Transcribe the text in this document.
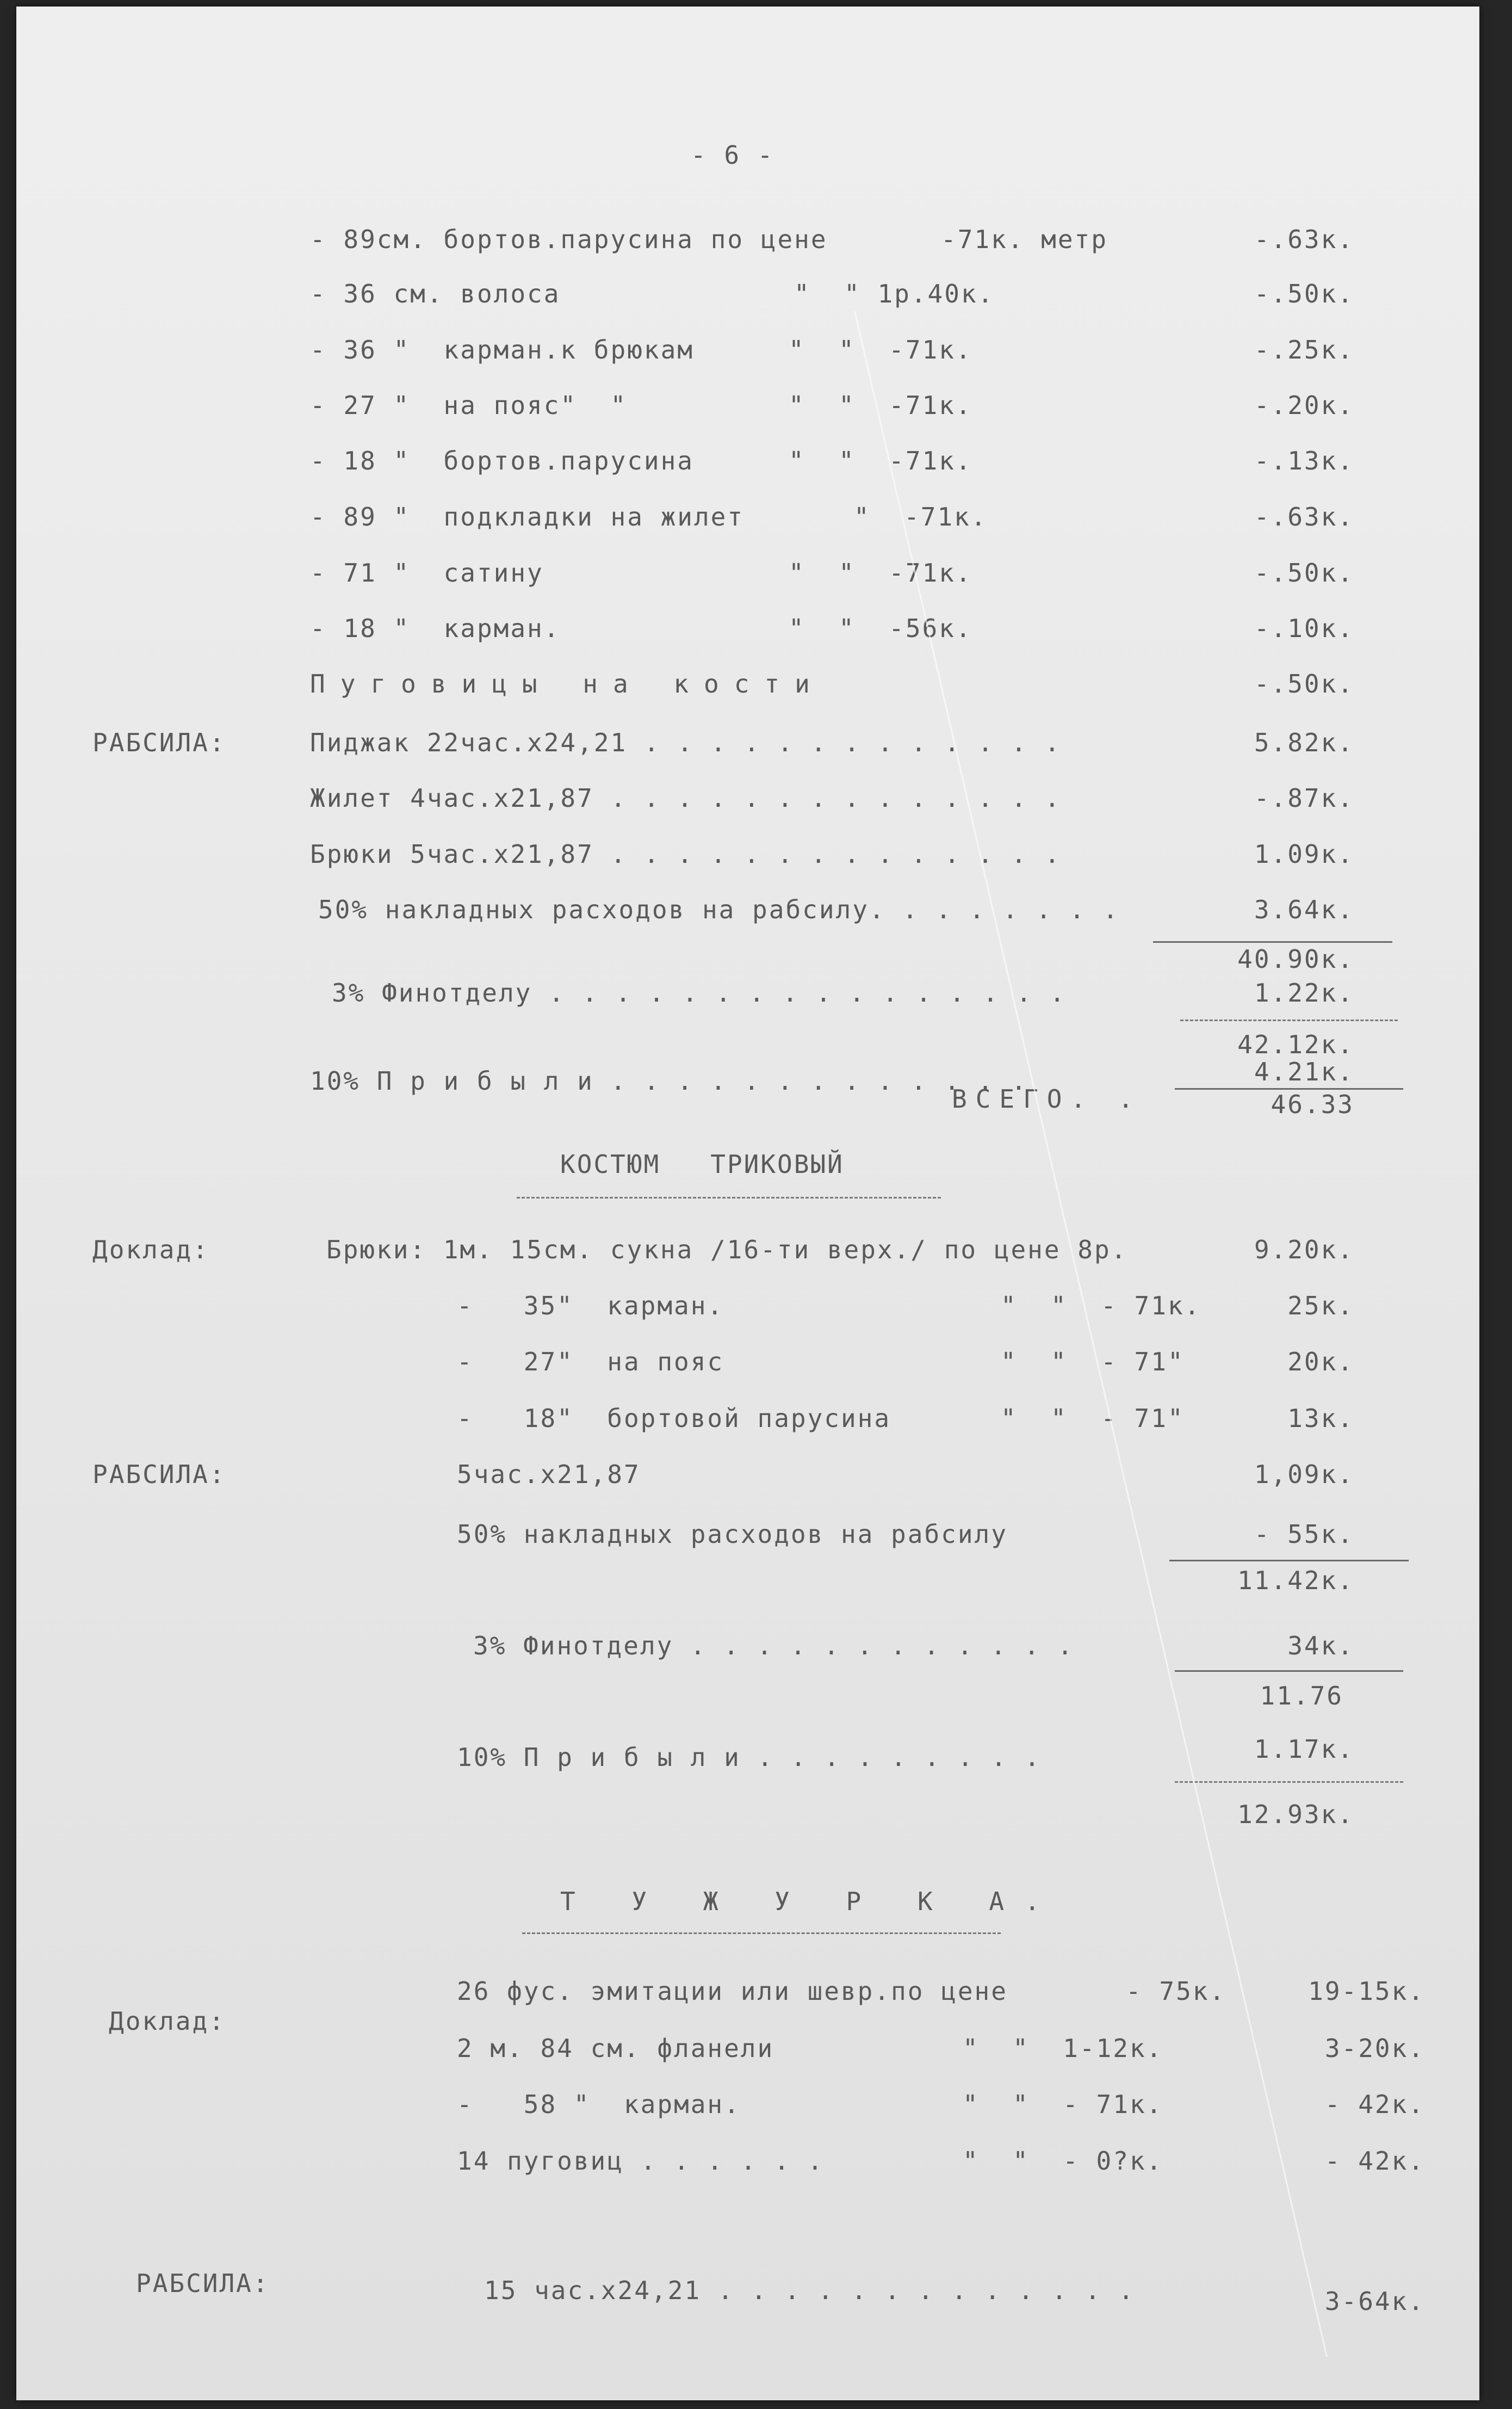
- 6 -
- 89см. бортов.парусина по цене	-71к. метр	-.63к.
- 36 см. волоса	"  " 1р.40к.	-.50к.
- 36 "  карман.к брюкам	"  "  -71к.	-.25к.
- 27 "  на пояс"  "	"  "  -71к.	-.20к.
- 18 "  бортов.парусина	"  "  -71к.	-.13к.
- 89 "  подкладки на жилет	"  -71к.	-.63к.
- 71 "  сатину	"  "  -71к.	-.50к.
- 18 "  карман.	"  "  -56к.	-.10к.
Пуговицы на кости	-.50к.
РАБСИЛА:	Пиджак 22час.х24,21 . . . . . . . . . . . . .	5.82к.
Жилет 4час.х21,87 . . . . . . . . . . . . . .	-.87к.
Брюки 5час.х21,87 . . . . . . . . . . . . . .	1.09к.
50% накладных расходов на рабсилу. . . . . . . .	3.64к.
40.90к.
3% Финотделу . . . . . . . . . . . . . . . .	1.22к.
42.12к.
10% П р и б ы л и . . . . . . . . . . . . .	4.21к.
ВСЕГО. .	46.33
КОСТЮМ   ТРИКОВЫЙ
Доклад:	Брюки: 1м. 15см. сукна /16-ти верх./ по цене 8р.	9.20к.
-   35"  карман.	"  "  - 71к.	25к.
-   27"  на пояс	"  "  - 71"	20к.
-   18"  бортовой парусина	"  "  - 71"	13к.
РАБСИЛА:	5час.х21,87	1,09к.
50% накладных расходов на рабсилу	- 55к.
11.42к.
3% Финотделу . . . . . . . . . . . .	34к.
11.76
10% П р и б ы л и . . . . . . . . .	1.17к.
12.93к.
Т У Ж У Р К А.
Доклад:
26 фус. эмитации или шевр.по цене	- 75к.	19-15к.
2 м. 84 см. фланели	"  "  1-12к.	3-20к.
-   58 "  карман.	"  "  - 71к.	- 42к.
14 пуговиц . . . . . .	"  "  - 0?к.	- 42к.
РАБСИЛА:	15 час.х24,21 . . . . . . . . . . . . .	3-64к.
